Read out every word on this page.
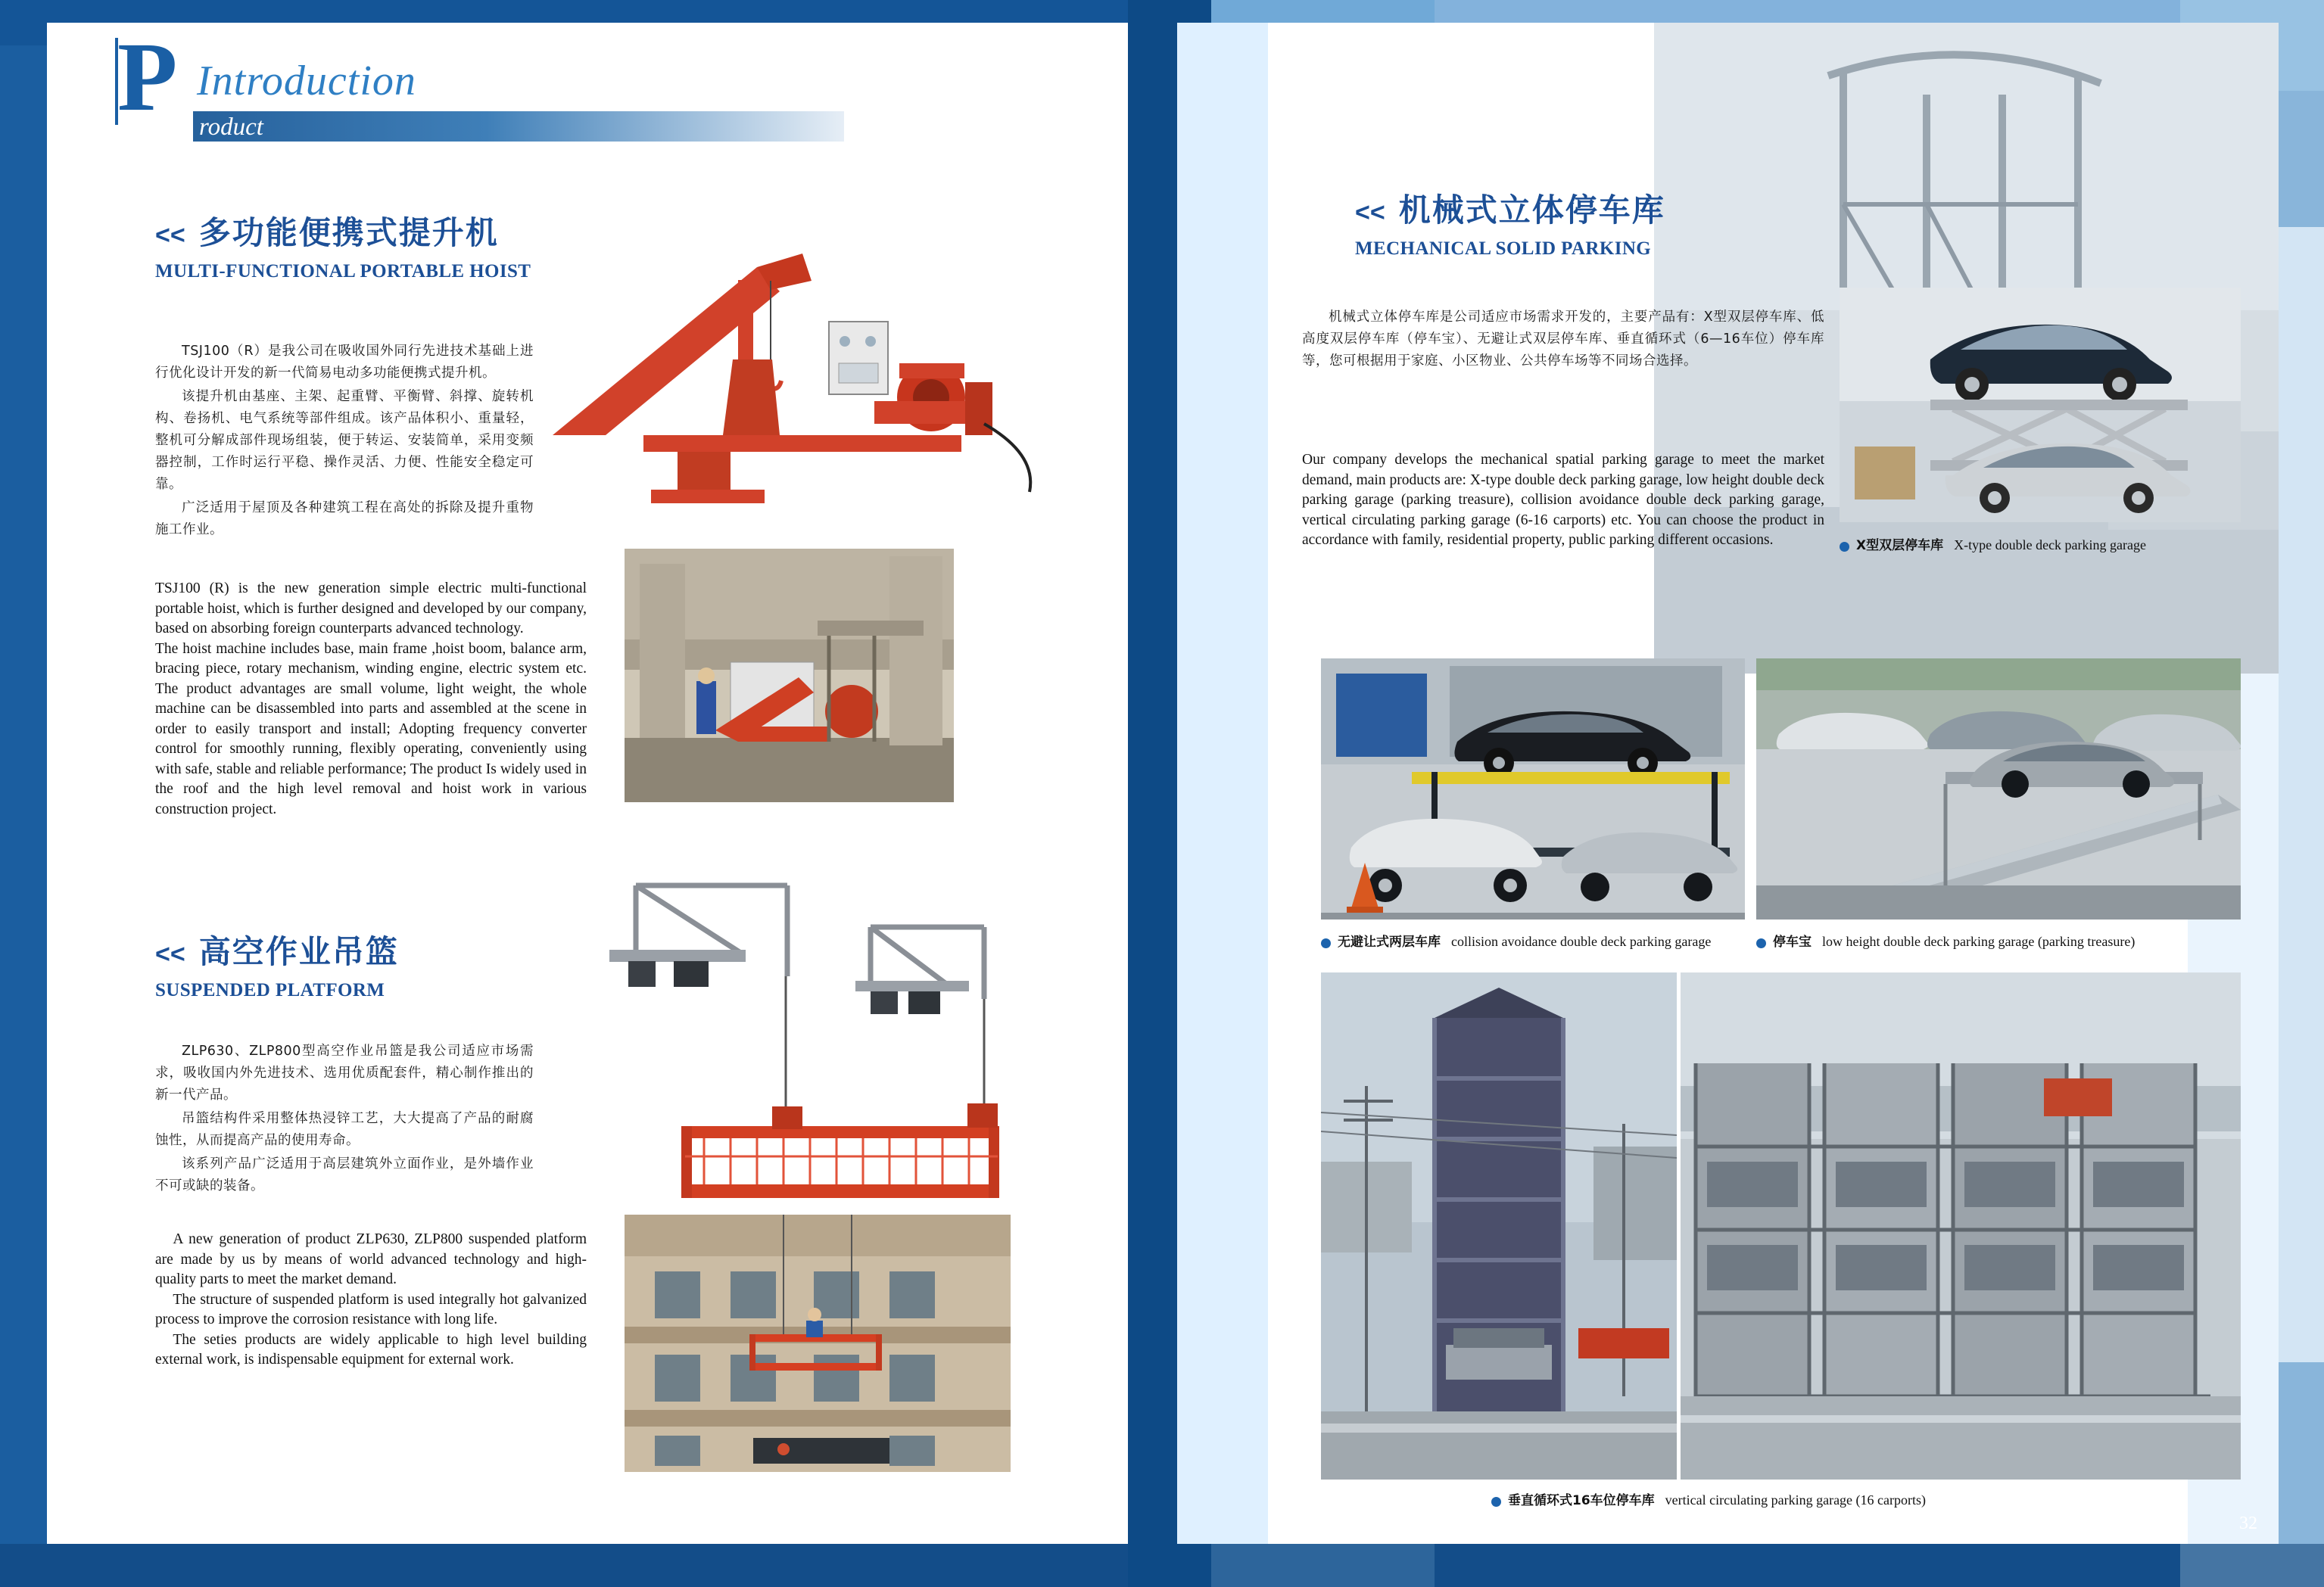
P Introduction
roduct
<< 多功能便携式提升机
MULTI-FUNCTIONAL PORTABLE HOIST

TSJ100（R）是我公司在吸收国外同行先进技术基础上进行优化设计开发的新一代简易电动多功能便携式提升机。

该提升机由基座、主架、起重臂、平衡臂、斜撑、旋转机构、卷扬机、电气系统等部件组成。该产品体积小、重量轻，整机可分解成部件现场组装，便于转运、安装简单，采用变频器控制，工作时运行平稳、操作灵活、力便、性能安全稳定可靠。

广泛适用于屋顶及各种建筑工程在高处的拆除及提升重物施工作业。

TSJ100 (R) is the new generation simple electric multi-functional portable hoist, which is further designed and developed by our company, based on absorbing foreign counterparts advanced technology.

The hoist machine includes base, main frame ,hoist boom, balance arm, bracing piece, rotary mechanism, winding engine, electric system etc. The product advantages are small volume, light weight, the whole machine can be disassembled into parts and assembled at the scene in order to easily transport and install; Adopting frequency converter control for smoothly running, flexibly operating, conveniently using with safe, stable and reliable performance; The product Is widely used in the roof and the high level removal and hoist work in various construction project.

<< 高空作业吊篮
SUSPENDED PLATFORM

ZLP630、ZLP800型高空作业吊篮是我公司适应市场需求，吸收国内外先进技术、选用优质配套件，精心制作推出的新一代产品。

吊篮结构件采用整体热浸锌工艺，大大提高了产品的耐腐蚀性，从而提高产品的使用寿命。

该系列产品广泛适用于高层建筑外立面作业，是外墙作业不可或缺的装备。

A new generation of product ZLP630, ZLP800 suspended platform are made by us by means of world advanced technology and high-quality parts to meet the market demand.

The structure of suspended platform is used integrally hot galvanized process to improve the corrosion resistance with long life.

The seties products are widely applicable to high level building external work, is indispensable equipment for external work.

31
<< 机械式立体停车库
MECHANICAL SOLID PARKING

机械式立体停车库是公司适应市场需求开发的，主要产品有：X型双层停车库、低高度双层停车库（停车宝）、无避让式双层停车库、垂直循环式（6—16车位）停车库等，您可根据用于家庭、小区物业、公共停车场等不同场合选择。

Our company develops the mechanical spatial parking garage to meet the market demand, main products are: X-type double deck parking garage, low height double deck parking garage (parking treasure), collision avoidance double deck parking garage, vertical circulating parking garage (6-16 carports) etc. You can choose the product in accordance with family, residential property, public parking different occasions.	X型双层停车库 X-type double deck parking garage
无避让式两层车库 collision avoidance double deck parking garage	停车宝 low height double deck parking garage (parking treasure)
垂直循环式16车位停车库 vertical circulating parking garage (16 carports)
32
